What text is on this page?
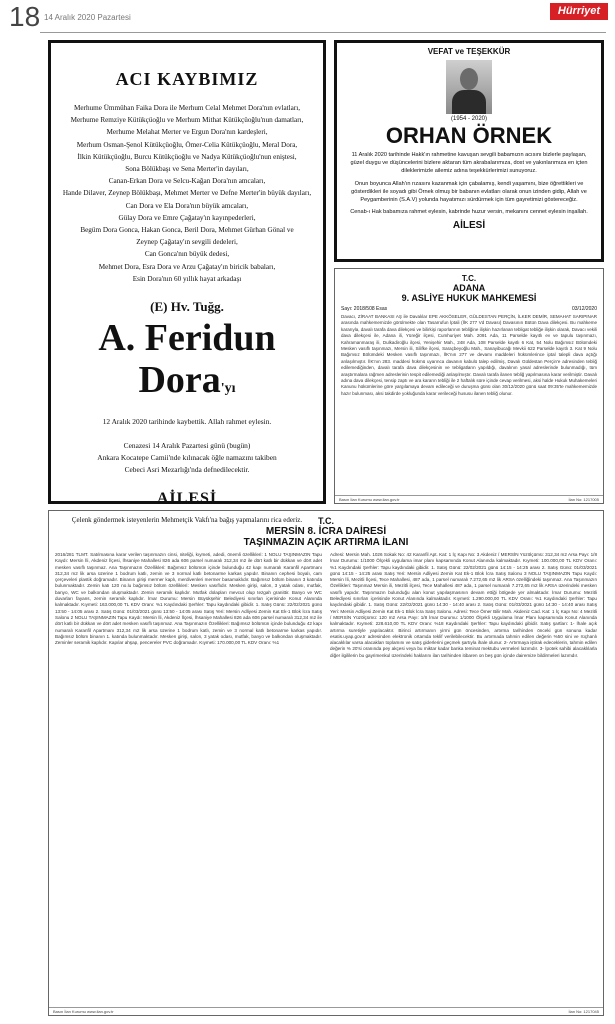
18 14 Aralık 2020 Pazartesi
Hürriyet
ACI KAYBIMIZ
Merhume Ümmühan Faika Dora ile Merhum Celal Mehmet Dora'nın evlatları,
Merhume Remziye Kütükçüoğlu ve Merhum Mithat Kütükçüoğlu'nun damatları,
Merhume Melahat Merter ve Ergun Dora'nın kardeşleri,
Merhum Osman-Şenol Kütükçüoğlu, Ömer-Celia Kütükçüoğlu, Meral Dora,
İlkin Kütükçüoğlu, Burcu Kütükçüoğlu ve Nadya Kütükçüoğlu'nun eniştesi,
Sona Bölükbaşı ve Sena Merter'in dayıları,
Canan-Erkan Dora ve Selcu-Kağan Dora'nın amcaları,
Hande Dilaver, Zeynep Bölükbaşı, Mehmet Merter ve Defne Merter'in büyük dayıları,
Can Dora ve Ela Dora'nın büyük amcaları,
Gülay Dora ve Emre Çağatay'ın kayınpederleri,
Begüm Dora Gonca, Hakan Gonca, Beril Dora, Mehmet Gürhan Gönal ve
Zeynep Çağatay'ın sevgili dedeleri,
Can Gonca'nın büyük dedesi,
Mehmet Dora, Esra Dora ve Arzu Çağatay'ın biricik babaları,
Esin Dora'nın 60 yıllık hayat arkadaşı
(E) Hv. Tuğg.
A. Feridun Dora'yı
12 Aralık 2020 tarihinde kaybettik. Allah rahmet eylesin.
Cenazesi 14 Aralık Pazartesi günü (bugün)
Ankara Kocatepe Camii'nde kılınacak öğle namazını takiben
Cebeci Asri Mezarlığı'nda defnedilecektir.
AİLESİ
Çelenk göndermek isteyenlerin Mehmetçik Vakfı'na bağış yapmalarını rica ederiz.
VEFAT ve TEŞEKKÜR
(1954 - 2020)
ORHAN ÖRNEK
11 Aralık 2020 tarihinde Hakk'ın rahmetine kavuşan sevgili babamızın acısını bizlerle paylaşan, güzel duygu ve düşüncelerini bizlere aktaran tüm akrabalarımıza, dost ve yakınlarımıza en içten dileklerimizle ailemiz adına teşekkürlerimizi sunuyoruz.
Onun boyunca Allah'ın rızasını kazanmak için çabalamış, kendi yaşamını, bize öğrettikleri ve gösterdikleri ile soyadı gibi Örnek olmuş bir babanın evlatları olarak onun izinden gidip, Allah ve Peygamberinin (S.A.V) yolunda hayatımızı sürdürmek için tüm gayretimizi göstereceğiz.
Cenab-ı Hak babamıza rahmet eylesin, kabrinde huzur versin, mekanını cennet eylesin inşallah.
AİLESİ
T.C.
ADANA
9. ASLİYE HUKUK MAHKEMESİ
Sayı: 2018/508 Esas	03/12/2020
Davacı, ZİRAAT BANKASI AŞ ile Davalılar EPE AKKÖSELER, GÜLDESTAN PERÇİN, İLKER DEMİR, SEMAHAT SARIPINAR arasında mahkememizde görülmekte olan Tasarrufun İptali (İİK 277 Vd Davası) Davasının Bütün Dava dilekçesi. Bu mahkeme kararıyla, davalı tarafa dava dilekçesi ve bilirkişi raporlarının tebliğine ilişkin hazırlanan tebligat tebliğe ilişkin olarak, Davacı vekili dava dilekçesi ile, Adana ili, Yüreğir ilçesi, Cumhuriyet Mah. 2091 Ada, 11 Parselde kayıtlı ev ve tapulu taşınmazı, Kahramanmaraş ili, Dulkadiroğlu ilçesi, Yenişehir Mah., 248 Ada, 108 Parselde kayıtlı 6 Kat, 54 Nolu Bağımsız Bölümdeki Mesken vasıflı taşınmazı, Mersin ili, Silifke ilçesi, Saraçbeyoğlu Mah., Sanayibucağı Mevkii 622 Parselde kayıtlı 3. Kat 9 Nolu Bağımsız Bölümdeki Mesken vasıflı taşınmazı, İİK'nın 277 ve devamı maddeleri hükümlerince iptal talepli dava açtığı anlaşılmıştır. İİK'nın 283. maddesi hükmü uyarınca davanın kabulü talep edilmiş, Davalı Güldestan Perçin'e adresinden tebliğ edilemediğinden, davalı tarafa dava dilekçesinin ve tebligatların yapıldığı, davalının yasal adreslerinde bulunmadığı, tüm araştırmalara rağmen adreslerinin tespit edilemediği anlaşılmıştır. Davalı tarafa ilanen tebliğ yapılmasına karar verilmiştir. Davalı adına dava dilekçesi, tensip zaptı ve ara kararın tebliği ile 2 haftalık süre içinde cevap verilmesi, aksi halde Hukuk Muhakemeleri Kanunu hükümlerine göre yargılamaya devam edileceği ve duruşma günü olan 30/12/2020 günü saat 09:35'te mahkememizde hazır bulunması, aksi takdirde yokluğunda karar verileceği hususu ilanen tebliğ olunur.
Basın İlan Kurumu www.ilan.gov.tr	İlan No: 1217005
T.C.
MERSİN 8. İCRA DAİRESİ
TAŞINMAZIN AÇIK ARTIRMA İLANI
2016/281 TLMT. Satılmasına karar verilen taşınmazın cinsi, niteliği, kıymeti, adedi, önemli özellikleri: 1 NOLU TAŞINMAZIN Tapu Kaydı: Mersin İli, Akdeniz İlçesi, İhsaniye Mahallesi 826 ada 606 parsel numaralı 312,34 m2 ile dört katlı bir dükkan ve dört adet mesken vasıflı taşınmaz. Ana Taşınmazın Özellikleri: Bağımsız bölümün içinde bulunduğu 42 kapı numaralı Karanfil Apartmanı 312,34 m2 lik arsa üzerine 1 bodrum katlı, zemin ve 3 normal katlı betonarme karkas yapıdır. Binanın cephesi boyalı, cam çerçeveleri plastik doğramadır. Binanın girişi mermer kaplı, merdivenleri mermer basamaklıdır. Bağımsız bölüm binanın 3 katında bulunmaktadır. Zemin katı 120 no.lu bağımsız bölüm özellikleri: Mesken vasıflıdır. Mesken girişi, salon, 3 yatak odası, mutfak, banyo, WC ve balkondan oluşmaktadır. Zemin seramik kaplıdır. Mutfak dolapları mevcut olup tezgah granittir. Banyo ve WC duvarları fayans, zemin seramik kaplıdır. İmar Durumu: Mersin Büyükşehir Belediyesi sınırları içerisinde Konut Alanında kalmaktadır. Kıymeti: 163.000,00 TL KDV Oranı: %1 Kaydındaki Şerhler: Tapu kaydındaki gibidir. 1. Satış Günü: 22/02/2021 günü 13:50 - 14:05 arası 2. Satış Günü: 01/03/2021 günü 13:50 - 14:05 arası Satış Yeri: Mersin Adliyesi Zemin Kat Ek-1 Blok İcra Satış Salonu 2 NOLU TAŞINMAZIN Tapu Kaydı: Mersin İli, Akdeniz İlçesi, İhsaniye Mahallesi 826 ada 606 parsel numaralı 312,34 m2 ile dört katlı bir dükkan ve dört adet mesken vasıflı taşınmaz. Ana Taşınmazın Özellikleri: Bağımsız bölümün içinde bulunduğu 42 kapı numaralı Karanfil Apartmanı 312,34 m2 lik arsa üzerine 1 bodrum katlı, zemin ve 3 normal katlı betonarme karkas yapıdır. Bağımsız bölüm binanın 1. katında bulunmaktadır. Mesken girişi, salon, 3 yatak odası, mutfak, banyo ve balkondan oluşmaktadır. Zeminler seramik kaplıdır. Kapılar ahşap, pencereler PVC doğramadır. Kıymeti: 170.000,00 TL KDV Oranı: %1
Adresi: Mersin Mah. 1026 Sokak No: 42 Karanfil Apt. Kat: 1 İç Kapı No: 3 Akdeniz / MERSİN Yüzölçümü: 312,34 m2 Arsa Payı: 1/8 İmar Durumu: 1/1000 Ölçekli uygulama imar planı kapsamında Konut Alanında kalmaktadır. Kıymeti: 100.000,00 TL KDV Oranı: %1 Kaydındaki Şerhler: Tapu kaydındaki gibidir. 1. Satış Günü: 22/02/2021 günü 14:15 - 14:25 arası 2. Satış Günü: 01/03/2021 günü 14:15 - 14:25 arası Satış Yeri: Mersin Adliyesi Zemin Kat Ek-1 Blok İcra Satış Salonu 3 NOLU TAŞINMAZIN Tapu Kaydı: Mersin İli, Mezitli İlçesi, Tece Mahallesi, 487 ada, 1 parsel numaralı 7.272,65 m2 lik ARSA özelliğindeki taşınmaz. Ana Taşınmazın Özellikleri: Taşınmaz Mersin ili, Mezitli ilçesi, Tece Mahallesi 487 ada, 1 parsel numaralı 7.272,65 m2 lik ARSA üzerindeki mesken vasıflı yapıdır. Taşınmazın bulunduğu alan konut yapılaşmasının devam ettiği bölgede yer almaktadır. İmar Durumu: Mezitli Belediyesi sınırları içerisinde Konut Alanında kalmaktadır. Kıymeti: 1.290.000,00 TL KDV Oranı: %1 Kaydındaki Şerhler: Tapu kaydındaki gibidir. 1. Satış Günü: 22/02/2021 günü 14:30 - 14:40 arası 2. Satış Günü: 01/03/2021 günü 14:30 - 14:40 arası Satış Yeri: Mersin Adliyesi Zemin Kat Ek-1 Blok İcra Satış Salonu. Adresi: Tece Ömer Bilir Mah. Akdeniz Cad. Kat: 1 İç Kapı No: 4 Mezitli / MERSİN Yüzölçümü: 120 m2 Arsa Payı: 1/8 İmar Durumu: 1/1000 Ölçekli Uygulama İmar Planı kapsamında Konut Alanında kalmaktadır. Kıymeti: 228.610,00 TL KDV Oranı: %18 Kaydındaki Şerhler: Tapu kaydındaki gibidir. Satış şartları: 1- İhale açık artırma suretiyle yapılacaktır. Birinci artırmanın yirmi gün öncesinden, artırma tarihinden önceki gün sonuna kadar esatis.uyap.gov.tr adresinden elektronik ortamda teklif verilebilecektir. Bu artırmada tahmin edilen değerin %50 sini ve rüçhanlı alacaklılar varsa alacakları toplamını ve satış giderlerini geçmek şartıyla ihale olunur. 2- Artırmaya iştirak edeceklerin, tahmin edilen değerin % 20'si oranında pey akçesi veya bu miktar kadar banka teminat mektubu vermeleri lazımdır. 3- İpotek sahibi alacaklılarla diğer ilgililerin bu gayrimenkul üzerindeki haklarını ilan tarihinden itibaren on beş gün içinde dairemize bildirmeleri lazımdır.
Basın İlan Kurumu www.ilan.gov.tr	İlan No: 1217045
